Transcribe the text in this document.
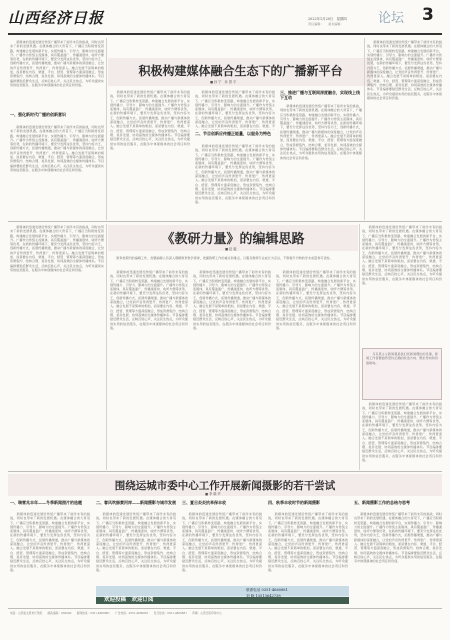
山西经济日报	2022年1月20日　星期四
责任编辑：　　美术编辑：	论坛 3
　　新媒体的迅速发展给传统广播带来了前所未有的挑战，同时也带来了新的发展机遇。在媒体融合的大背景下，广播应当积极转变思路，构建融合发展的新平台，实现传播力、引导力、影响力的全面提升。广播作为传统主流媒体，具有覆盖面广、传播速度快、收听方便等优势，在新的传播环境下，要充分发挥这些优势，坚持内容为王，创新传播方式，拓展传播渠道，推动广播与新媒体的深度融合，让党的声音传得更开、传得更广、传得更深入。融合发展不是简单的相加，而是要在内容、渠道、平台、经营、管理等方面深度融合，形成资源集约、结构合理、差异发展、协同高效的全媒体传播体系。节目编排要贴近群众生活，反映百姓心声，关注民生热点，为听众提供实用的信息服务，在服务中体现媒体的社会责任和价值。
一、强化新时代广播的创新意识
　　新媒体的迅速发展给传统广播带来了前所未有的挑战，同时也带来了新的发展机遇。在媒体融合的大背景下，广播应当积极转变思路，构建融合发展的新平台，实现传播力、引导力、影响力的全面提升。广播作为传统主流媒体，具有覆盖面广、传播速度快、收听方便等优势，在新的传播环境下，要充分发挥这些优势，坚持内容为王，创新传播方式，拓展传播渠道，推动广播与新媒体的深度融合，让党的声音传得更开、传得更广、传得更深入。融合发展不是简单的相加，而是要在内容、渠道、平台、经营、管理等方面深度融合，形成资源集约、结构合理、差异发展、协同高效的全媒体传播体系。节目编排要贴近群众生活，反映百姓心声，关注民生热点，为听众提供实用的信息服务，在服务中体现媒体的社会责任和价值。
积极构建媒体融合生态下的广播新平台
■ 孙 宁　孙 国 平
　　新媒体的迅速发展给传统广播带来了前所未有的挑战，同时也带来了新的发展机遇。在媒体融合的大背景下，广播应当积极转变思路，构建融合发展的新平台，实现传播力、引导力、影响力的全面提升。广播作为传统主流媒体，具有覆盖面广、传播速度快、收听方便等优势，在新的传播环境下，要充分发挥这些优势，坚持内容为王，创新传播方式，拓展传播渠道，推动广播与新媒体的深度融合，让党的声音传得更开、传得更广、传得更深入。融合发展不是简单的相加，而是要在内容、渠道、平台、经营、管理等方面深度融合，形成资源集约、结构合理、差异发展、协同高效的全媒体传播体系。节目编排要贴近群众生活，反映百姓心声，关注民生热点，为听众提供实用的信息服务，在服务中体现媒体的社会责任和价值。
　　新媒体的迅速发展给传统广播带来了前所未有的挑战，同时也带来了新的发展机遇。在媒体融合的大背景下，广播应当积极转变思路，构建融合发展的新平台，实现传播力、引导力、影响力的全面提升。广播作为传统主流媒体，具有覆盖面广、传播速度快、收听方便等优势，在新的传播环境下，要充分发挥这些优势，坚持内容为王，创新传播方式，拓展传播渠道，推动广播与新媒体的深度融合，让党的声音传得更开、传得更广、传得更深入。融合发展不是简单的相加，而是要在内容、渠道、平
二、节目创新应传播正能量，以服务为特色
　　新媒体的迅速发展给传统广播带来了前所未有的挑战，同时也带来了新的发展机遇。在媒体融合的大背景下，广播应当积极转变思路，构建融合发展的新平台，实现传播力、引导力、影响力的全面提升。广播作为传统主流媒体，具有覆盖面广、传播速度快、收听方便等优势，在新的传播环境下，要充分发挥这些优势，坚持内容为王，创新传播方式，拓展传播渠道，推动广播与新媒体的深度融合，让党的声音传得更开、传得更广、传得更深入。融合发展不是简单的相加，而是要在内容、渠道、平台、经营、管理等方面深度融合，形成资源集约、结构合理、差异发展、协同高效的全媒体传播体系。节目编排要贴近群众生活，反映百姓心声，关注民生热点，为听众提供实用的信息服务，在服务中体现媒体的社会责任和价值。
三、推进广播与互联网深度融合，实现线上线下互动
　　新媒体的迅速发展给传统广播带来了前所未有的挑战，同时也带来了新的发展机遇。在媒体融合的大背景下，广播应当积极转变思路，构建融合发展的新平台，实现传播力、引导力、影响力的全面提升。广播作为传统主流媒体，具有覆盖面广、传播速度快、收听方便等优势，在新的传播环境下，要充分发挥这些优势，坚持内容为王，创新传播方式，拓展传播渠道，推动广播与新媒体的深度融合，让党的声音传得更开、传得更广、传得更深入。融合发展不是简单的相加，而是要在内容、渠道、平台、经营、管理等方面深度融合，形成资源集约、结构合理、差异发展、协同高效的全媒体传播体系。节目编排要贴近群众生活，反映百姓心声，关注民生热点，为听众提供实用的信息服务，在服务中体现媒体的社会责任和价值。
　　新媒体的迅速发展给传统广播带来了前所未有的挑战，同时也带来了新的发展机遇。在媒体融合的大背景下，广播应当积极转变思路，构建融合发展的新平台，实现传播力、引导力、影响力的全面提升。广播作为传统主流媒体，具有覆盖面广、传播速度快、收听方便等优势，在新的传播环境下，要充分发挥这些优势，坚持内容为王，创新传播方式，拓展传播渠道，推动广播与新媒体的深度融合，让党的声音传得更开、传得更广、传得更深入。融合发展不是简单的相加，而是要在内容、渠道、平台、经营、管理等方面深度融合，形成资源集约、结构合理、差异发展、协同高效的全媒体传播体系。节目编排要贴近群众生活，反映百姓心声，关注民生热点，为听众提供实用的信息服务，在服务中体现媒体的社会责任和价值。
　　新媒体的迅速发展给传统广播带来了前所未有的挑战，同时也带来了新的发展机遇。在媒体融合的大背景下，广播应当积极转变思路，构建融合发展的新平台，实现传播力、引导力、影响力的全面提升。广播作为传统主流媒体，具有覆盖面广、传播速度快、收听方便等优势，在新的传播环境下，要充分发挥这些优势，坚持内容为王，创新传播方式，拓展传播渠道，推动广播与新媒体的深度融合，让党的声音传得更开、传得更广、传得更深入。融合发展不是简单的相加，而是要在内容、渠道、平台、经营、管理等方面深度融合，形成资源集约、结构合理、差异发展、协同高效的全媒体传播体系。节目编排要贴近群众生活，反映百姓心声，关注民生热点，为听众提供实用的信息服务，在服务中体现媒体的社会责任和价值。
《教研力量》的编辑思路
■ 赵 毅
　　教育类期刊的编辑工作，需要编辑人员深入理解教育教学规律，把握教研工作的重点和难点，以服务教师专业成长为宗旨，不断提升刊物的学术质量和可读性。
　　新媒体的迅速发展给传统广播带来了前所未有的挑战，同时也带来了新的发展机遇。在媒体融合的大背景下，广播应当积极转变思路，构建融合发展的新平台，实现传播力、引导力、影响力的全面提升。广播作为传统主流媒体，具有覆盖面广、传播速度快、收听方便等优势，在新的传播环境下，要充分发挥这些优势，坚持内容为王，创新传播方式，拓展传播渠道，推动广播与新媒体的深度融合，让党的声音传得更开、传得更广、传得更深入。融合发展不是简单的相加，而是要在内容、渠道、平台、经营、管理等方面深度融合，形成资源集约、结构合理、差异发展、协同高效的全媒体传播体系。节目编排要贴近群众生活，反映百姓心声，关注民生热点，为听众提供实用的信息服务，在服务中体现媒体的社会责任和价值。
　　新媒体的迅速发展给传统广播带来了前所未有的挑战，同时也带来了新的发展机遇。在媒体融合的大背景下，广播应当积极转变思路，构建融合发展的新平台，实现传播力、引导力、影响力的全面提升。广播作为传统主流媒体，具有覆盖面广、传播速度快、收听方便等优势，在新的传播环境下，要充分发挥这些优势，坚持内容为王，创新传播方式，拓展传播渠道，推动广播与新媒体的深度融合，让党的声音传得更开、传得更广、传得更深入。融合发展不是简单的相加，而是要在内容、渠道、平台、经营、管理等方面深度融合，形成资源集约、结构合理、差异发展、协同高效的全媒体传播体系。节目编排要贴近群众生活，反映百姓心声，关注民生热点，为听众提供实用的信息服务，在服务中体现媒体的社会责任和价值。
　　新媒体的迅速发展给传统广播带来了前所未有的挑战，同时也带来了新的发展机遇。在媒体融合的大背景下，广播应当积极转变思路，构建融合发展的新平台，实现传播力、引导力、影响力的全面提升。广播作为传统主流媒体，具有覆盖面广、传播速度快、收听方便等优势，在新的传播环境下，要充分发挥这些优势，坚持内容为王，创新传播方式，拓展传播渠道，推动广播与新媒体的深度融合，让党的声音传得更开、传得更广、传得更深入。融合发展不是简单的相加，而是要在内容、渠道、平台、经营、管理等方面深度融合，形成资源集约、结构合理、差异发展、协同高效的全媒体传播体系。节目编排要贴近群众生活，反映百姓心声，关注民生热点，为听众提供实用的信息服务，在服务中体现媒体的社会责任和价值。
　　新媒体的迅速发展给传统广播带来了前所未有的挑战，同时也带来了新的发展机遇。在媒体融合的大背景下，广播应当积极转变思路，构建融合发展的新平台，实现传播力、引导力、影响力的全面提升。广播作为传统主流媒体，具有覆盖面广、传播速度快、收听方便等优势，在新的传播环境下，要充分发挥这些优势，坚持内容为王，创新传播方式，拓展传播渠道，推动广播与新媒体的深度融合，让党的声音传得更开、传得更广、传得更深入。融合发展不是简单的相加，而是要在内容、渠道、平台、经营、管理等方面深度融合，形成资源集约、结构合理、差异发展、协同高效的全媒体传播体系。节目编排要贴近群众生活，反映百姓心声，关注民生热点，为听众提供实用的信息服务，在服务中体现媒体的社会责任和价值。
　　马克思主义新闻观是我们党新闻理论的灵魂，新闻工作者要始终坚持正确的政治方向、舆论导向和价值取向。
　　新媒体的迅速发展给传统广播带来了前所未有的挑战，同时也带来了新的发展机遇。在媒体融合的大背景下，广播应当积极转变思路，构建融合发展的新平台，实现传播力、引导力、影响力的全面提升。广播作为传统主流媒体，具有覆盖面广、传播速度快、收听方便等优势，在新的传播环境下，要充分发挥这些优势，坚持内容为王，创新传播方式，拓展传播渠道，推动广播与新媒体的深度融合，让党的声音传得更开、传得更广、传得更深入。融合发展不是简单的相加，而是要在内容、渠道、平台、经营、管理等方面深度融合，形成资源集约、结构合理、差异发展、协同高效的全媒体传播体系。节目编排要贴近群众生活，反映百姓心声，关注民生热点，为听众提供实用的信息服务，在服务中体现媒体的社会责任和价值。
围绕运城市委中心工作开展新闻摄影的若干尝试
■ 李 晓 华
一、瑞雪兆丰年——冬季新闻照片的选题
　　新媒体的迅速发展给传统广播带来了前所未有的挑战，同时也带来了新的发展机遇。在媒体融合的大背景下，广播应当积极转变思路，构建融合发展的新平台，实现传播力、引导力、影响力的全面提升。广播作为传统主流媒体，具有覆盖面广、传播速度快、收听方便等优势，在新的传播环境下，要充分发挥这些优势，坚持内容为王，创新传播方式，拓展传播渠道，推动广播与新媒体的深度融合，让党的声音传得更开、传得更广、传得更深入。融合发展不是简单的相加，而是要在内容、渠道、平台、经营、管理等方面深度融合，形成资源集约、结构合理、差异发展、协同高效的全媒体传播体系。节目编排要贴近群众生活，反映百姓心声，关注民生热点，为听众提供实用的信息服务，在服务中体现媒体的社会责任和价值。
二、春风吹绿黄河岸——新闻摄影与城市发展
　　新媒体的迅速发展给传统广播带来了前所未有的挑战，同时也带来了新的发展机遇。在媒体融合的大背景下，广播应当积极转变思路，构建融合发展的新平台，实现传播力、引导力、影响力的全面提升。广播作为传统主流媒体，具有覆盖面广、传播速度快、收听方便等优势，在新的传播环境下，要充分发挥这些优势，坚持内容为王，创新传播方式，拓展传播渠道，推动广播与新媒体的深度融合，让党的声音传得更开、传得更广、传得更深入。融合发展不是简单的相加，而是要在内容、渠道、平台、经营、管理等方面深度融合，形成资源集约、结构合理、差异发展、协同高效的全媒体传播体系。节目编排要贴近群众生活，反映百姓心声，关注民生热点，为听众提供实用的信息服务，在服务中体现媒体的社会责任和价值。
三、夏日炎炎抗旱保丰收
　　新媒体的迅速发展给传统广播带来了前所未有的挑战，同时也带来了新的发展机遇。在媒体融合的大背景下，广播应当积极转变思路，构建融合发展的新平台，实现传播力、引导力、影响力的全面提升。广播作为传统主流媒体，具有覆盖面广、传播速度快、收听方便等优势，在新的传播环境下，要充分发挥这些优势，坚持内容为王，创新传播方式，拓展传播渠道，推动广播与新媒体的深度融合，让党的声音传得更开、传得更广、传得更深入。融合发展不是简单的相加，而是要在内容、渠道、平台、经营、管理等方面深度融合，形成资源集约、结构合理、差异发展、协同高效的全媒体传播体系。节目编排要贴近群众生活，反映百姓心声，关注民生热点，为听众提供实用的信息服务，在服务中体现媒体的社会责任和价值。
四、秋季丰收时节的新闻摄影
　　新媒体的迅速发展给传统广播带来了前所未有的挑战，同时也带来了新的发展机遇。在媒体融合的大背景下，广播应当积极转变思路，构建融合发展的新平台，实现传播力、引导力、影响力的全面提升。广播作为传统主流媒体，具有覆盖面广、传播速度快、收听方便等优势，在新的传播环境下，要充分发挥这些优势，坚持内容为王，创新传播方式，拓展传播渠道，推动广播与新媒体的深度融合，让党的声音传得更开、传得更广、传得更深入。融合发展不是简单的相加，而是要在内容、渠道、平台、经营、管理等方面深度融合，形成资源集约、结构合理、差异发展、协同高效的全媒体传播体系。节目编排要贴近群众生活，反映百姓心声，关注民生热点，为听众提供实用的信息服务，在服务中体现媒体的社会责任和价值。
五、新闻摄影工作的总结与思考
　　新媒体的迅速发展给传统广播带来了前所未有的挑战，同时也带来了新的发展机遇。在媒体融合的大背景下，广播应当积极转变思路，构建融合发展的新平台，实现传播力、引导力、影响力的全面提升。广播作为传统主流媒体，具有覆盖面广、传播速度快、收听方便等优势，在新的传播环境下，要充分发挥这些优势，坚持内容为王，创新传播方式，拓展传播渠道，推动广播与新媒体的深度融合，让党的声音传得更开、传得更广、传得更深入。融合发展不是简单的相加，而是要在内容、渠道、平台、经营、管理等方面深度融合，形成资源集约、结构合理、差异发展、协同高效的全媒体传播体系。节目编排要贴近群众生活，反映百姓心声，关注民生热点，为听众提供实用的信息服务，在服务中体现媒体的社会责任和价值。
欢迎投稿　欢迎订阅
联系电话 0351-4660881
刘 晓 13513642738
电话：山西省太原市长风街　　邮政编码：030000　　新闻热线：0351-4660881　　广告热线：0351-4660881　　发行热线：0351-4660881　　印刷：山西日报印务中心
